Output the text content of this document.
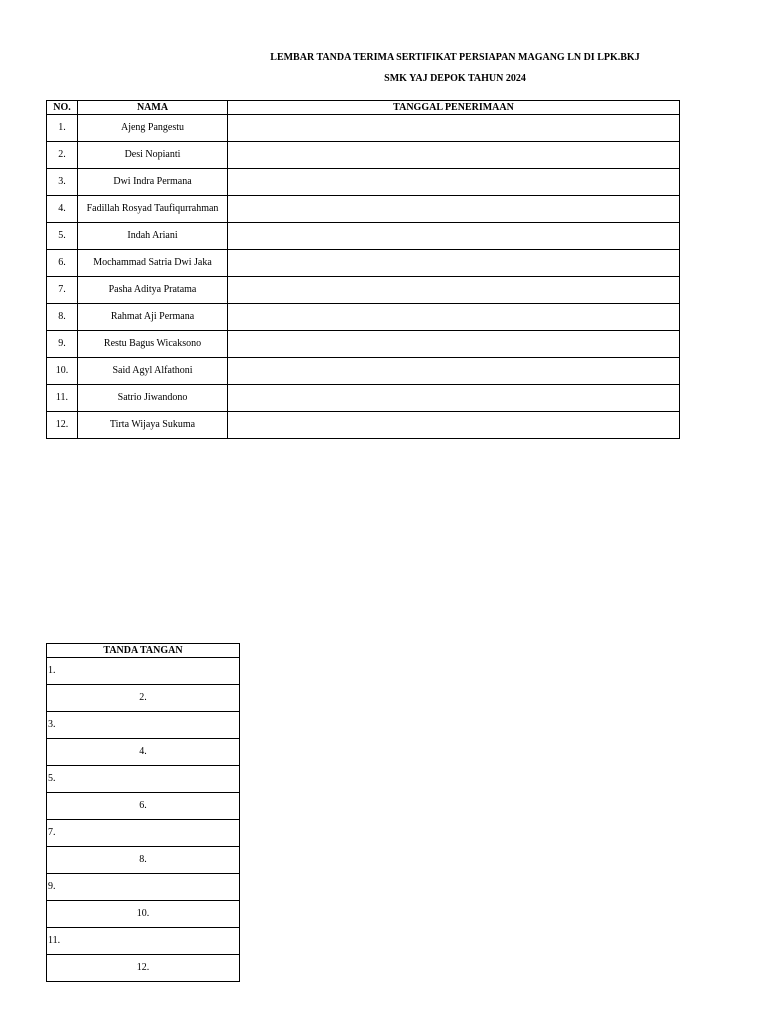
LEMBAR TANDA TERIMA SERTIFIKAT PERSIAPAN MAGANG LN DI LPK.BKJ
SMK YAJ DEPOK TAHUN 2024
NO.	NAMA	TANGGAL PENERIMAAN
1.	Ajeng Pangestu	
2.	Desi Nopianti	
3.	Dwi Indra Permana	
4.	Fadillah Rosyad Taufiqurrahman	
5.	Indah Ariani	
6.	Mochammad Satria Dwi Jaka	
7.	Pasha Aditya Pratama	
8.	Rahmat Aji Permana	
9.	Restu Bagus Wicaksono	
10.	Said Agyl Alfathoni	
11.	Satrio Jiwandono	
12.	Tirta Wijaya Sukuma	
TANDA TANGAN
1.
2.
3.
4.
5.
6.
7.
8.
9.
10.
11.
12.
